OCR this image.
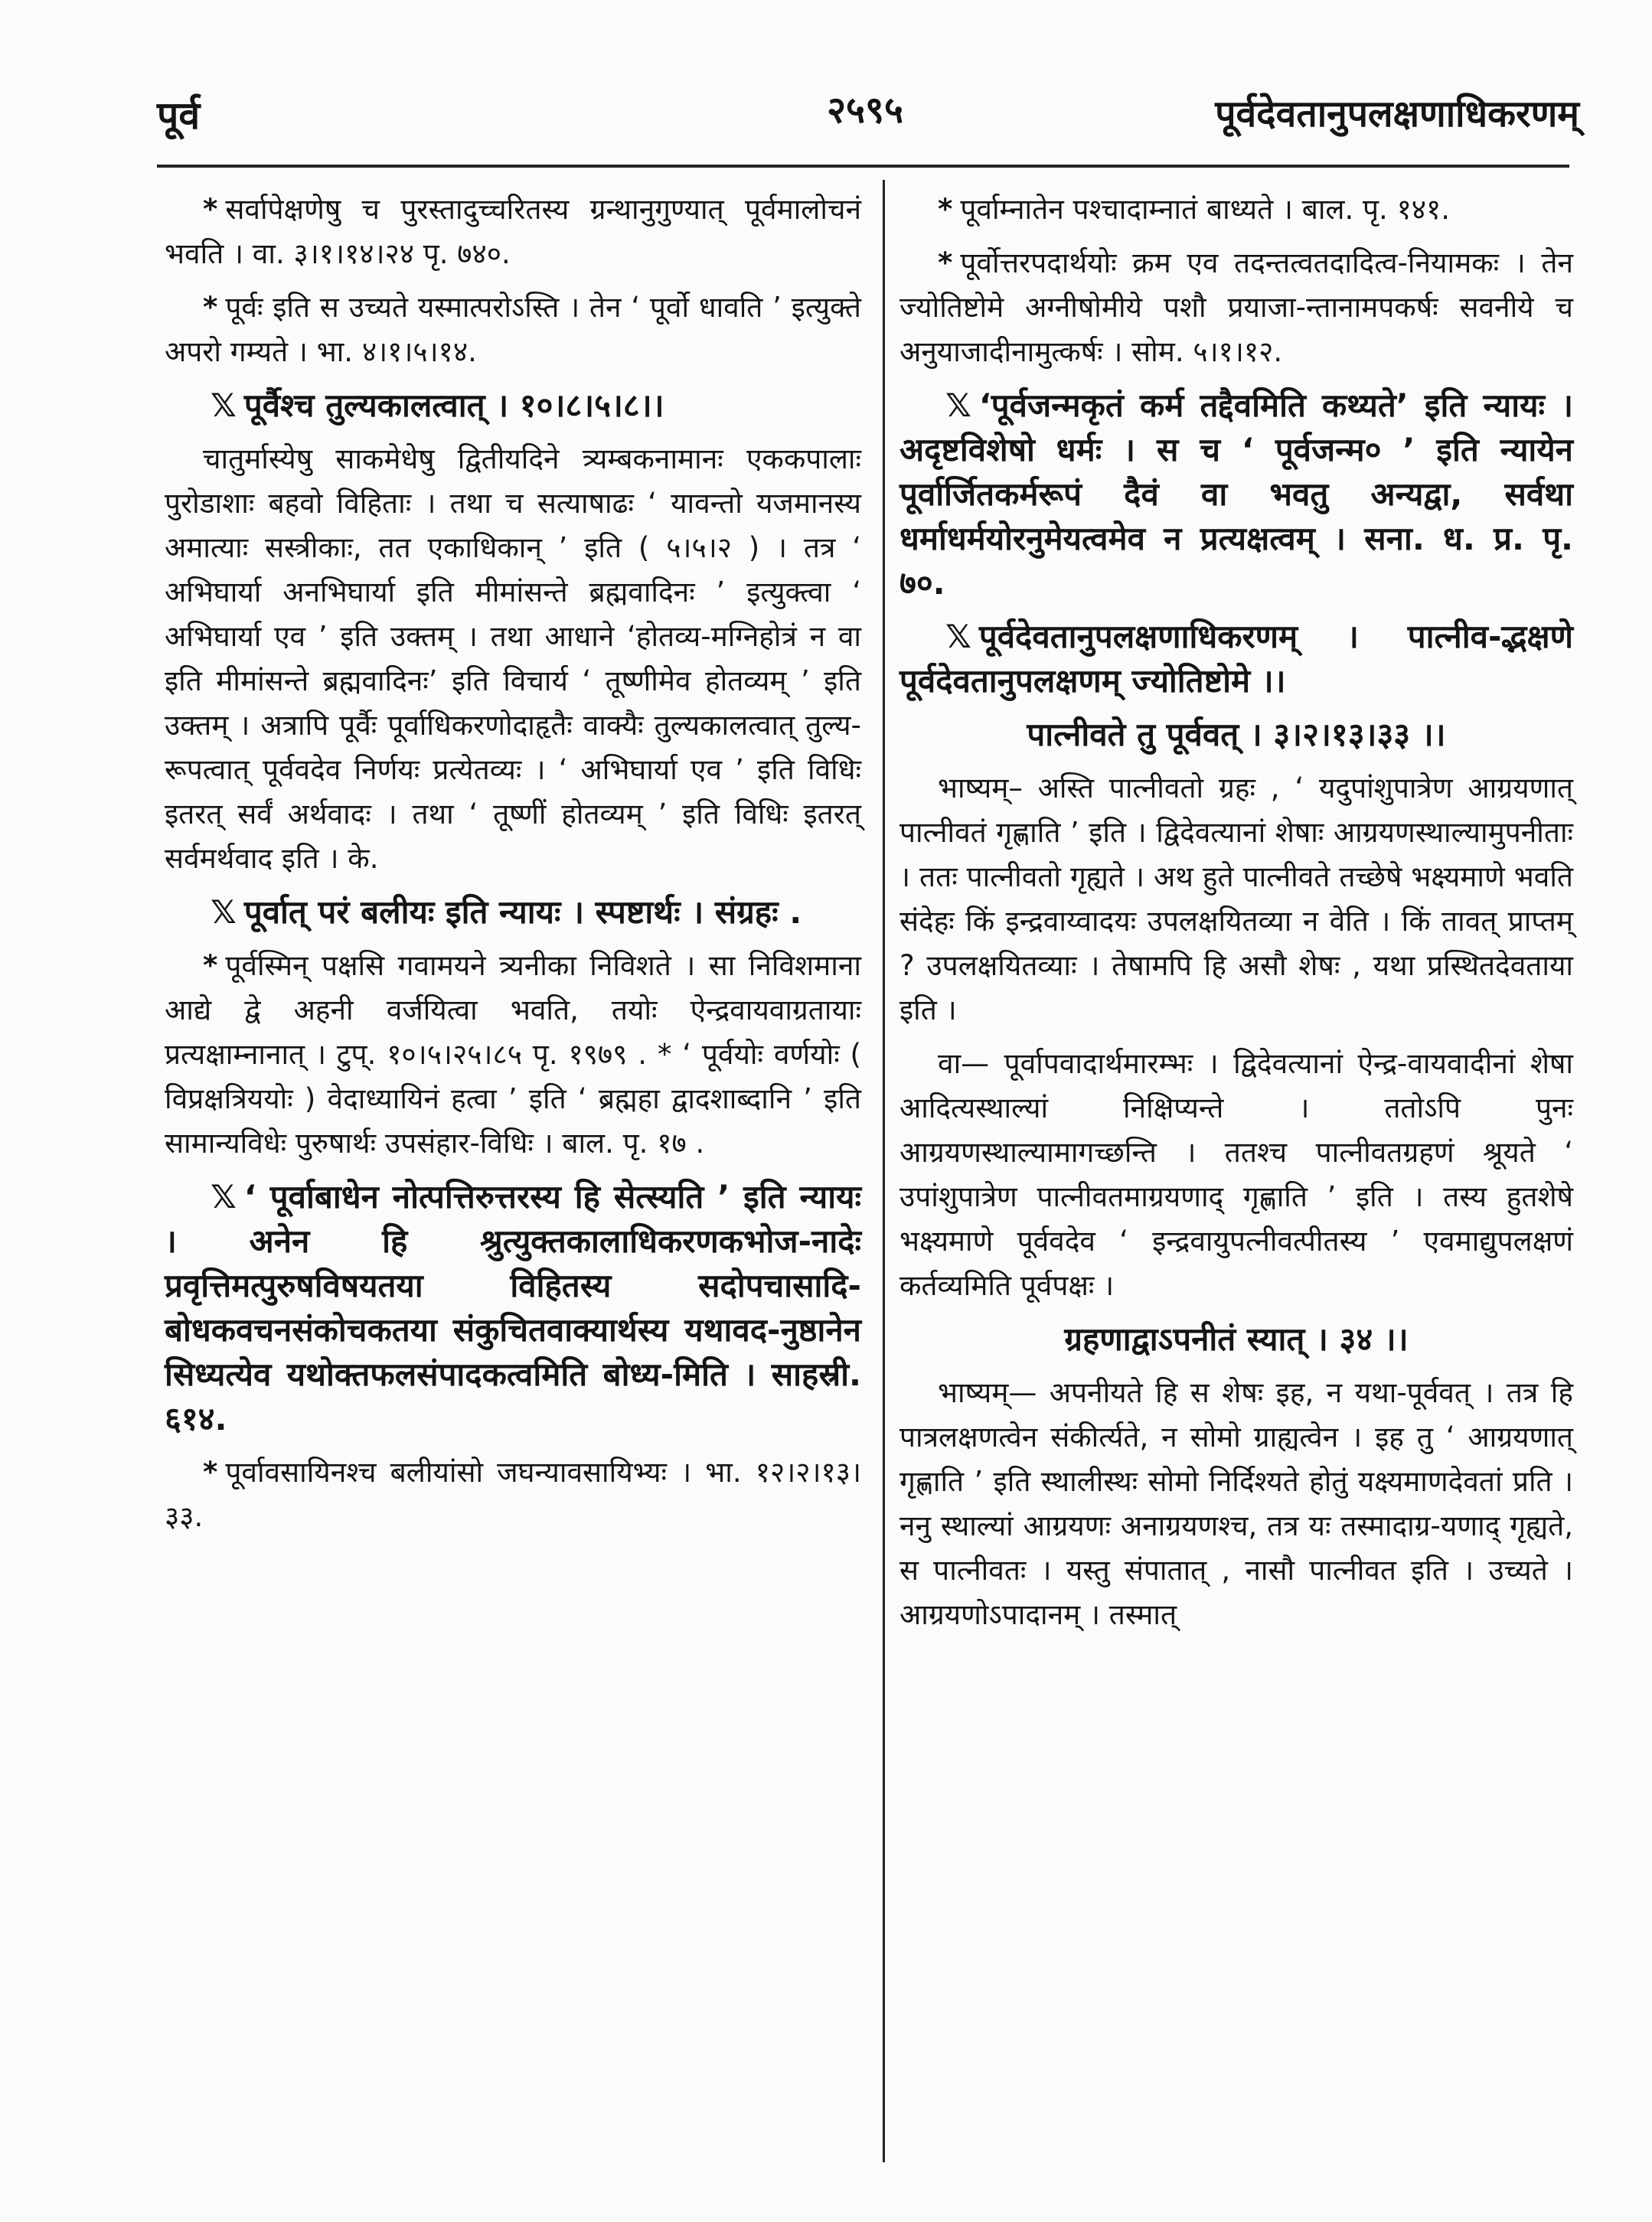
पूर्व	२५९५	पूर्वदेवतानुपलक्षणाधिकरणम्

* सर्वापेक्षणेषु च पुरस्तादुच्चरितस्य ग्रन्थानुगुण्यात् पूर्वमालोचनं भवति । वा. ३।१।१४।२४ पृ. ७४०.

* पूर्वः इति स उच्यते यस्मात्परोऽस्ति । तेन ‘ पूर्वो धावति ’ इत्युक्ते अपरो गम्यते । भा. ४।१।५।१४.

𝕏 पूर्वैश्च तुल्यकालत्वात् । १०।८।५।८।।

चातुर्मास्येषु साकमेधेषु द्वितीयदिने त्र्यम्बकनामानः एककपालाः पुरोडाशाः बहवो विहिताः । तथा च सत्याषाढः ‘ यावन्तो यजमानस्य अमात्याः सस्त्रीकाः, तत एकाधिकान् ’ इति ( ५।५।२ ) । तत्र ‘ अभिघार्या अनभिघार्या इति मीमांसन्ते ब्रह्मवादिनः ’ इत्युक्त्वा ‘ अभिघार्या एव ’ इति उक्तम् । तथा आधाने ‘होतव्य-मग्निहोत्रं न वा इति मीमांसन्ते ब्रह्मवादिनः’ इति विचार्य ‘ तूष्णीमेव होतव्यम् ’ इति उक्तम् । अत्रापि पूर्वैः पूर्वाधिकरणोदाहृतैः वाक्यैः तुल्यकालत्वात् तुल्य-रूपत्वात् पूर्ववदेव निर्णयः प्रत्येतव्यः । ‘ अभिघार्या एव ’ इति विधिः इतरत् सर्वं अर्थवादः । तथा ‘ तूष्णीं होतव्यम् ’ इति विधिः इतरत् सर्वमर्थवाद इति । के.

𝕏 पूर्वात् परं बलीयः इति न्यायः । स्पष्टार्थः । संग्रहः .

* पूर्वस्मिन् पक्षसि गवामयने त्र्यनीका निविशते । सा निविशमाना आद्ये द्वे अहनी वर्जयित्वा भवति, तयोः ऐन्द्रवायवाग्रतायाः प्रत्यक्षाम्नानात् । टुप्. १०।५।२५।८५ पृ. १९७९ . * ‘ पूर्वयोः वर्णयोः ( विप्रक्षत्रिययोः ) वेदाध्यायिनं हत्वा ’ इति ‘ ब्रह्महा द्वादशाब्दानि ’ इति सामान्यविधेः पुरुषार्थः उपसंहार-विधिः । बाल. पृ. १७ .

𝕏 ‘ पूर्वाबाधेन नोत्पत्तिरुत्तरस्य हि सेत्स्यति ’ इति न्यायः । अनेन हि श्रुत्युक्तकालाधिकरणकभोज-नादेः प्रवृत्तिमत्पुरुषविषयतया विहितस्य सदोपचासादि-बोधकवचनसंकोचकतया संकुचितवाक्यार्थस्य यथावद-नुष्ठानेन सिध्यत्येव यथोक्तफलसंपादकत्वमिति बोध्य-मिति । साहस्री. ६१४.

* पूर्वावसायिनश्च बलीयांसो जघन्यावसायिभ्यः । भा. १२।२।१३।३३.

* पूर्वाम्नातेन पश्चादाम्नातं बाध्यते । बाल. पृ. १४१.

* पूर्वोत्तरपदार्थयोः क्रम एव तदन्तत्वतदादित्व-नियामकः । तेन ज्योतिष्टोमे अग्नीषोमीये पशौ प्रयाजा-न्तानामपकर्षः सवनीये च अनुयाजादीनामुत्कर्षः । सोम. ५।१।१२.

𝕏 ‘पूर्वजन्मकृतं कर्म तद्दैवमिति कथ्यते’ इति न्यायः । अदृष्टविशेषो धर्मः । स च ‘ पूर्वजन्म० ’ इति न्यायेन पूर्वार्जितकर्मरूपं दैवं वा भवतु अन्यद्वा, सर्वथा धर्माधर्मयोरनुमेयत्वमेव न प्रत्यक्षत्वम् । सना. ध. प्र. पृ. ७०.

𝕏 पूर्वदेवतानुपलक्षणाधिकरणम् । पात्नीव-द्भक्षणे पूर्वदेवतानुपलक्षणम् ज्योतिष्टोमे ।।

पात्नीवते तु पूर्ववत् । ३।२।१३।३३ ।।

भाष्यम्– अस्ति पात्नीवतो ग्रहः , ‘ यदुपांशुपात्रेण आग्रयणात् पात्नीवतं गृह्णाति ’ इति । द्विदेवत्यानां शेषाः आग्रयणस्थाल्यामुपनीताः । ततः पात्नीवतो गृह्यते । अथ हुते पात्नीवते तच्छेषे भक्ष्यमाणे भवति संदेहः किं इन्द्रवाय्वादयः उपलक्षयितव्या न वेति । किं तावत् प्राप्तम् ? उपलक्षयितव्याः । तेषामपि हि असौ शेषः , यथा प्रस्थितदेवताया इति ।

वा— पूर्वापवादार्थमारम्भः । द्विदेवत्यानां ऐन्द्र-वायवादीनां शेषा आदित्यस्थाल्यां निक्षिप्यन्ते । ततोऽपि पुनः आग्रयणस्थाल्यामागच्छन्ति । ततश्च पात्नीवतग्रहणं श्रूयते ‘ उपांशुपात्रेण पात्नीवतमाग्रयणाद् गृह्णाति ’ इति । तस्य हुतशेषे भक्ष्यमाणे पूर्ववदेव ‘ इन्द्रवायुपत्नीवत्पीतस्य ’ एवमाद्युपलक्षणं कर्तव्यमिति पूर्वपक्षः ।

ग्रहणाद्वाऽपनीतं स्यात् । ३४ ।।

भाष्यम्— अपनीयते हि स शेषः इह, न यथा-पूर्ववत् । तत्र हि पात्रलक्षणत्वेन संकीर्त्यते, न सोमो ग्राह्यत्वेन । इह तु ‘ आग्रयणात् गृह्णाति ’ इति स्थालीस्थः सोमो निर्दिश्यते होतुं यक्ष्यमाणदेवतां प्रति । ननु स्थाल्यां आग्रयणः अनाग्रयणश्च, तत्र यः तस्मादाग्र-यणाद् गृह्यते, स पात्नीवतः । यस्तु संपातात् , नासौ पात्नीवत इति । उच्यते । आग्रयणोऽपादानम् । तस्मात्
